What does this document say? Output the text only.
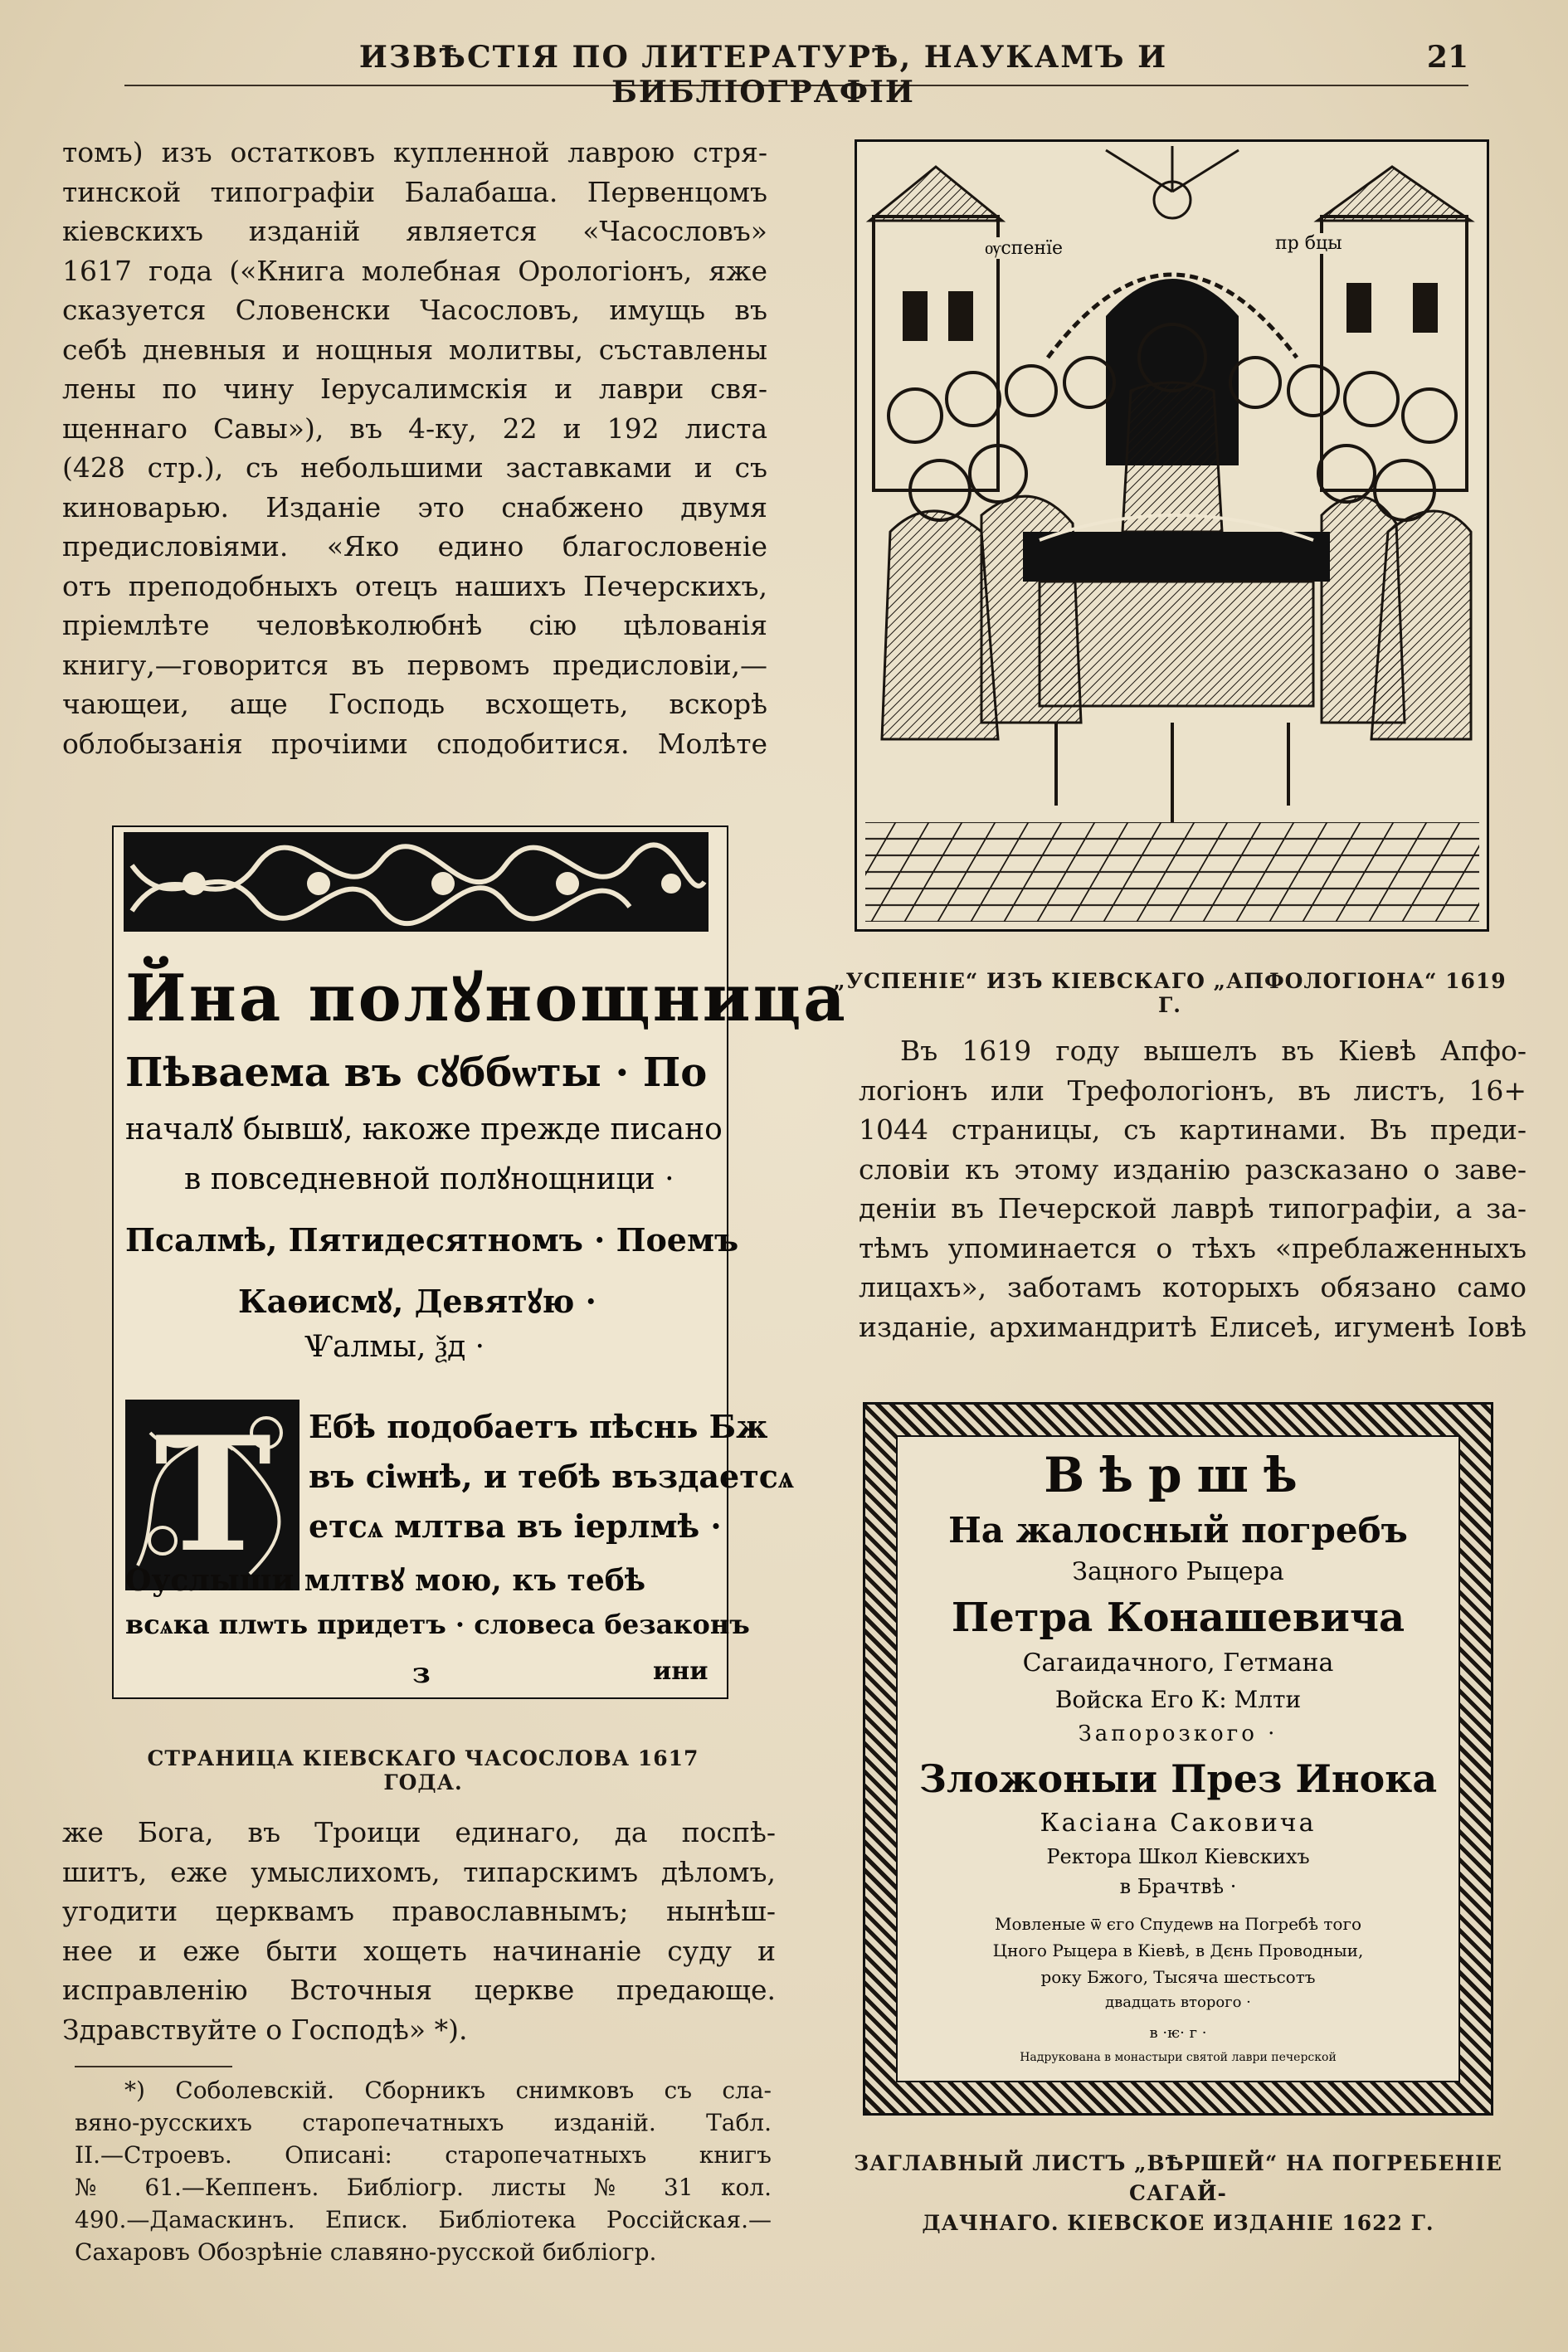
ИЗВѢСТІЯ ПО ЛИТЕРАТУРѢ, НАУКАМЪ И БИБЛІОГРАФІИ
21
томъ) изъ остатковъ купленной лаврою стря-
тинской типографіи Балабаша. Первенцомъ
кіевскихъ изданій является «Часословъ»
1617 года («Книга молебная Орологіонъ, яже
сказуется Словенски Часословъ, имущь въ
себѣ дневныя и нощныя молитвы, съставлены
лены по чину Іерусалимскія и лаври свя-
щеннаго Савы»), въ 4-ку, 22 и 192 листа
(428 стр.), съ небольшими заставками и съ
киноварью. Изданіе это снабжено двумя
предисловіями. «Яко едино благословеніе
отъ преподобныхъ отецъ нашихъ Печерскихъ,
пріемлѣте человѣколюбнѣ сію цѣлованія
книгу,—говорится въ первомъ предисловіи,—
чающеи, аще Господь всхощеть, вскорѣ
облобызанія прочіими сподобитися. Молѣте
Йна полꙋнощница
Пѣваема въ сꙋббѡты · По
началꙋ бывшꙋ, ꙗкоже прежде писано
в повседневной полꙋнощници ·
Псалмѣ, Пятидесятномъ · Поемъ
Каѳисмꙋ, Девятꙋю ·
Ѱалмы, ѯд ·
Т Ебѣ подобаетъ пѣснь Бж
въ сіѡнѣ, и тебѣ въздаетсѧ
етсѧ млтва въ іерлмѣ ·
Оуслыши млтвꙋ мою, къ тебѣ
всѧка плѡть придетъ · словеса безаконъ
з	ини
СТРАНИЦА КІЕВСКАГО ЧАСОСЛОВА 1617 ГОДА.
же Бога, въ Троици единаго, да поспѣ-
шитъ, еже умыслихомъ, типарскимъ дѣломъ,
угодити церквамъ православнымъ; нынѣш-
нее и еже быти хощеть начинаніе суду и
исправленію Всточныя церкве предающе.
Здравствуйте о Господѣ» *).
*) Соболевскій. Сборникъ снимковъ съ сла-
вяно-русскихъ старопечатныхъ изданій. Табл.
II.—Строевъ. Описанi: старопечатныхъ книгъ
№ 61.—Кеппенъ. Библіогр. листы № 31 кол.
490.—Дамаскинъ. Еписк. Библіотека Россійская.—
Сахаровъ Обозрѣніе славяно-русской библіогр.
ѹспенїе	пр бцы
„УСПЕНІЕ“ ИЗЪ КІЕВСКАГО „АПФОЛОГІОНА“ 1619 Г.
Въ 1619 году вышелъ въ Кіевѣ Апфо-
логіонъ или Трефологіонъ, въ листъ, 16+
1044 страницы, съ картинами. Въ преди-
словіи къ этому изданію разсказано о заве-
деніи въ Печерской лаврѣ типографіи, а за-
тѣмъ упоминается о тѣхъ «преблаженныхъ
лицахъ», заботамъ которыхъ обязано само
изданіе, архимандритѣ Елисеѣ, игуменѣ Іовѣ
Вѣршѣ
На жалосный погребъ
Зацного Рыцера
Петра Конашевича
Сагаидачного, Гетмана
Войска Его К: Млти
Запорозкого ·
Зложоныи През Инока
Касіана Саковича
Ректора Школ Кіевскихъ
в Брачтвѣ ·
Мовленые ѿ єго Спудеѡв на Погребѣ того
Цного Рыцера в Кіевѣ, в Дєнь Проводныи,
року Бжого, Тысяча шестьсотъ
двадцать второго ·
в ·ѥ· г ·
Надрукована в монастыри святой лаври печерской
ЗАГЛАВНЫЙ ЛИСТЪ „ВѢРШЕЙ“ НА ПОГРЕБЕНІЕ САГАЙ-
ДАЧНАГО. КІЕВСКОЕ ИЗДАНІЕ 1622 Г.
